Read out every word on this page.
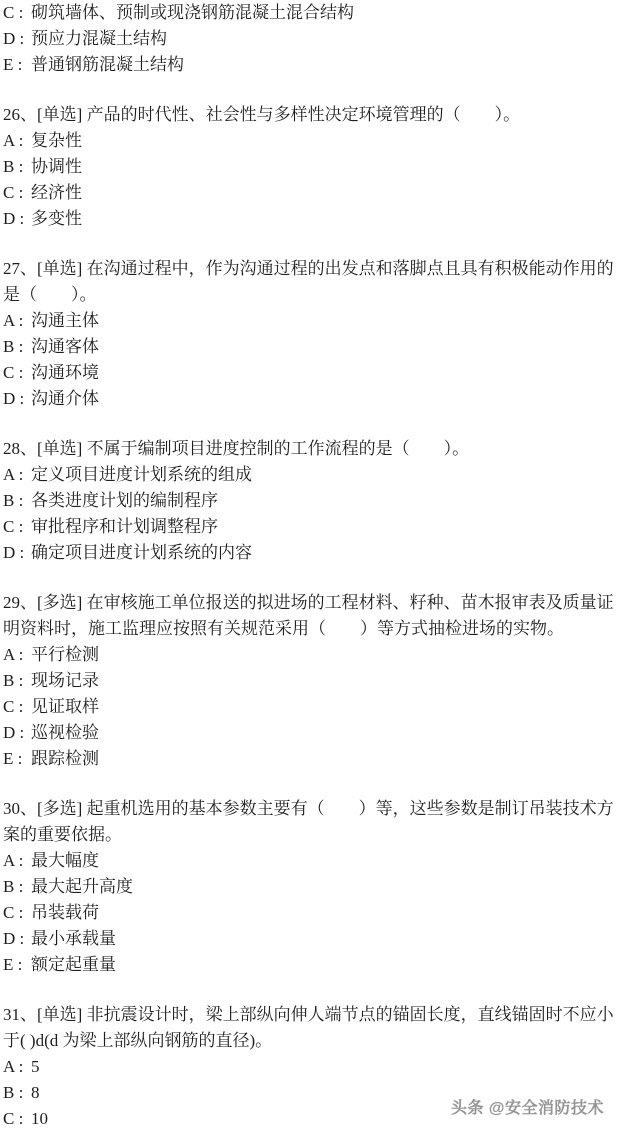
C : 砌筑墙体、预制或现浇钢筋混凝土混合结构
D : 预应力混凝土结构
E : 普通钢筋混凝土结构

26、[单选] 产品的时代性、社会性与多样性决定环境管理的（　　）。

A : 复杂性
B : 协调性
C : 经济性
D : 多变性

27、[单选] 在沟通过程中，作为沟通过程的出发点和落脚点且具有积极能动作用的是（　　）。

A : 沟通主体
B : 沟通客体
C : 沟通环境
D : 沟通介体

28、[单选] 不属于编制项目进度控制的工作流程的是（　　）。

A : 定义项目进度计划系统的组成
B : 各类进度计划的编制程序
C : 审批程序和计划调整程序
D : 确定项目进度计划系统的内容

29、[多选] 在审核施工单位报送的拟进场的工程材料、籽种、苗木报审表及质量证明资料时，施工监理应按照有关规范采用（　　）等方式抽检进场的实物。

A : 平行检测
B : 现场记录
C : 见证取样
D : 巡视检验
E : 跟踪检测

30、[多选] 起重机选用的基本参数主要有（　　）等，这些参数是制订吊装技术方案的重要依据。

A : 最大幅度
B : 最大起升高度
C : 吊装载荷
D : 最小承载量
E : 额定起重量

31、[单选] 非抗震设计时，梁上部纵向伸人端节点的锚固长度，直线锚固时不应小于( )d(d 为梁上部纵向钢筋的直径)。

A : 5
B : 8
C : 10
头条 @安全消防技术
